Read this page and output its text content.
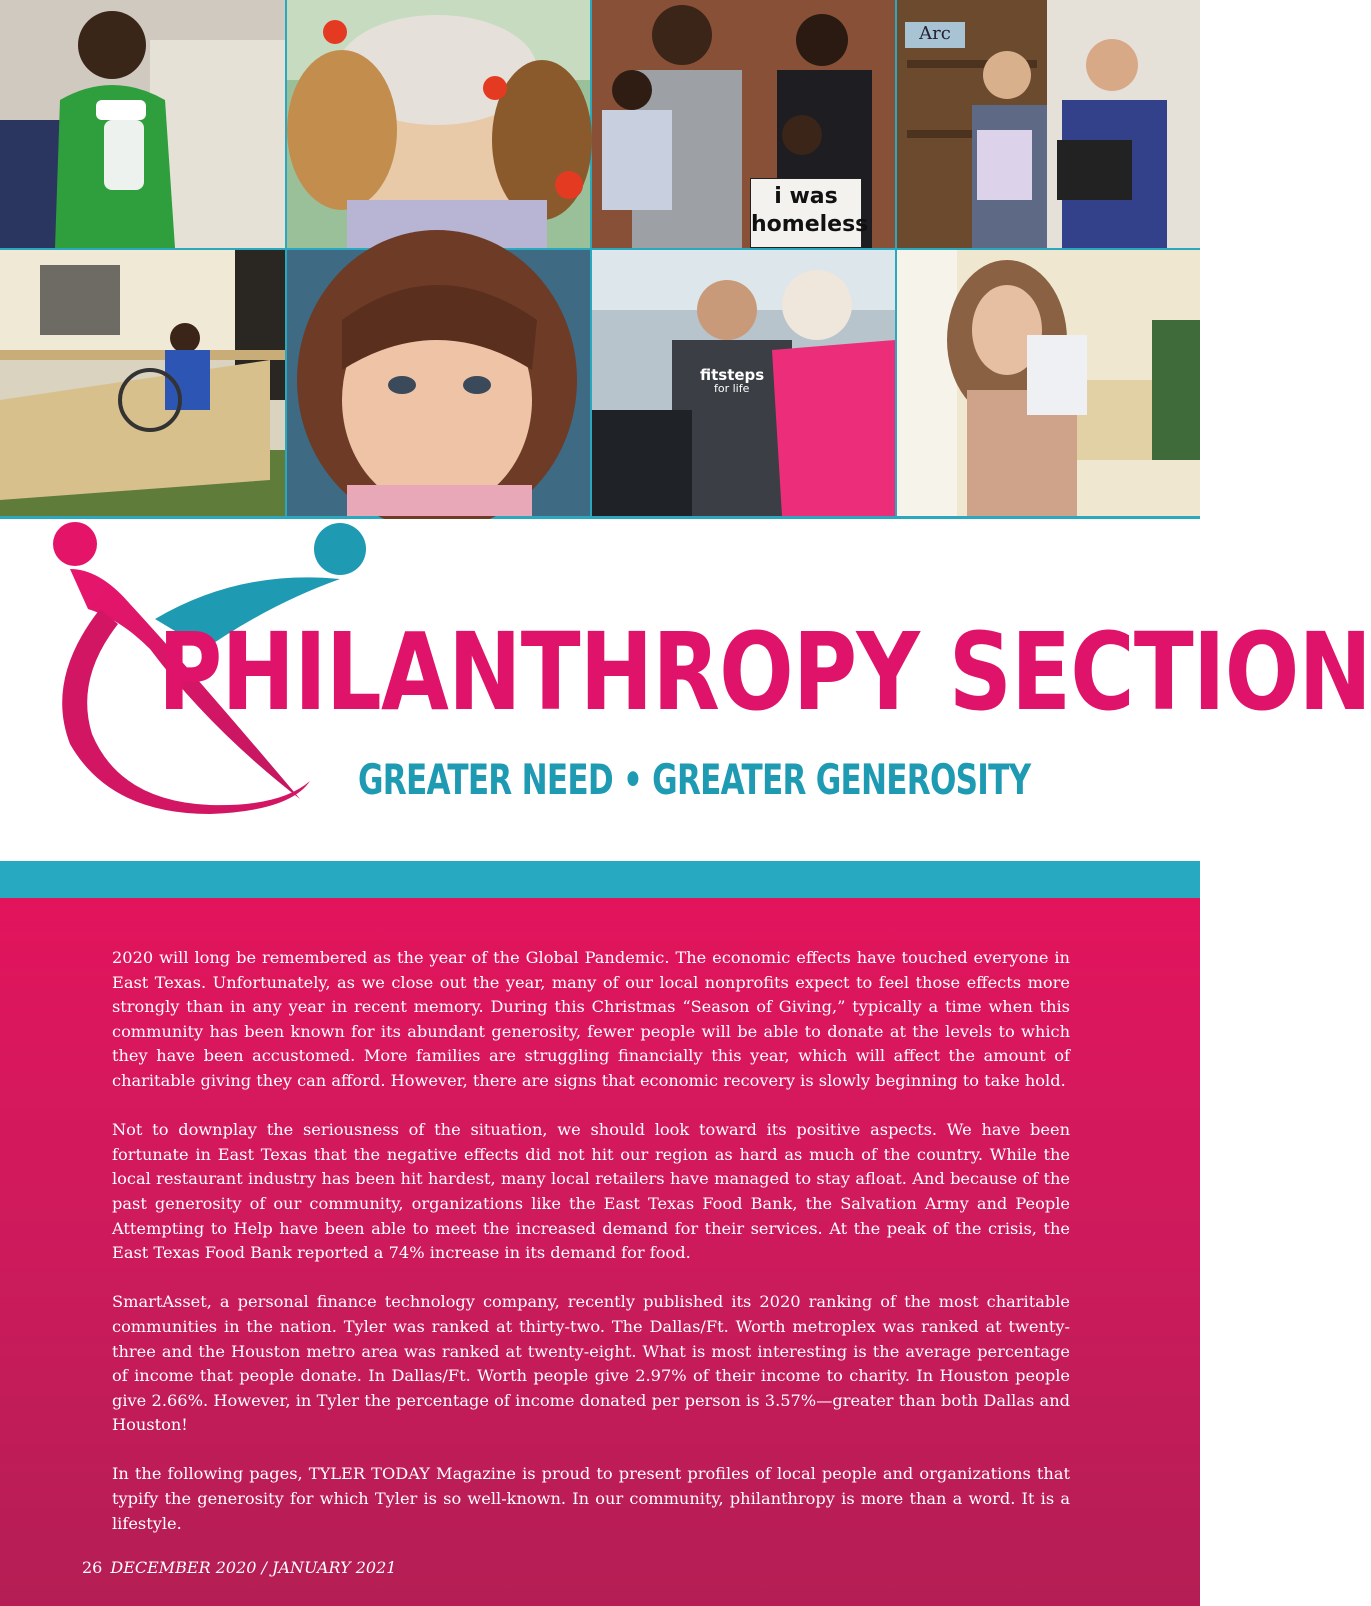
i was
homeless
Arc
fitsteps
for life
PHILANTHROPY SECTION
GREATER NEED • GREATER GENEROSITY

2020 will long be remembered as the year of the Global Pandemic. The economic effects have touched everyone in East Texas. Unfortunately, as we close out the year, many of our local nonprofits expect to feel those effects more strongly than in any year in recent memory. During this Christmas “Season of Giving,” typically a time when this community has been known for its abundant generosity, fewer people will be able to donate at the levels to which they have been accustomed. More families are struggling financially this year, which will affect the amount of charitable giving they can afford. However, there are signs that economic recovery is slowly beginning to take hold.

Not to downplay the seriousness of the situation, we should look toward its positive aspects. We have been fortunate in East Texas that the negative effects did not hit our region as hard as much of the country. While the local restaurant industry has been hit hardest, many local retailers have managed to stay afloat. And because of the past generosity of our community, organizations like the East Texas Food Bank, the Salvation Army and People Attempting to Help have been able to meet the increased demand for their services. At the peak of the crisis, the East Texas Food Bank reported a 74% increase in its demand for food.

SmartAsset, a personal finance technology company, recently published its 2020 ranking of the most charitable communities in the nation. Tyler was ranked at thirty-two. The Dallas/Ft. Worth metroplex was ranked at twenty-three and the Houston metro area was ranked at twenty-eight. What is most interesting is the average percentage of income that people donate. In Dallas/Ft. Worth people give 2.97% of their income to charity. In Houston people give 2.66%. However, in Tyler the percentage of income donated per person is 3.57%—greater than both Dallas and Houston!

In the following pages, TYLER TODAY Magazine is proud to present profiles of local people and organizations that typify the generosity for which Tyler is so well-known. In our community, philanthropy is more than a word. It is a lifestyle.

26 DECEMBER 2020 / JANUARY 2021
